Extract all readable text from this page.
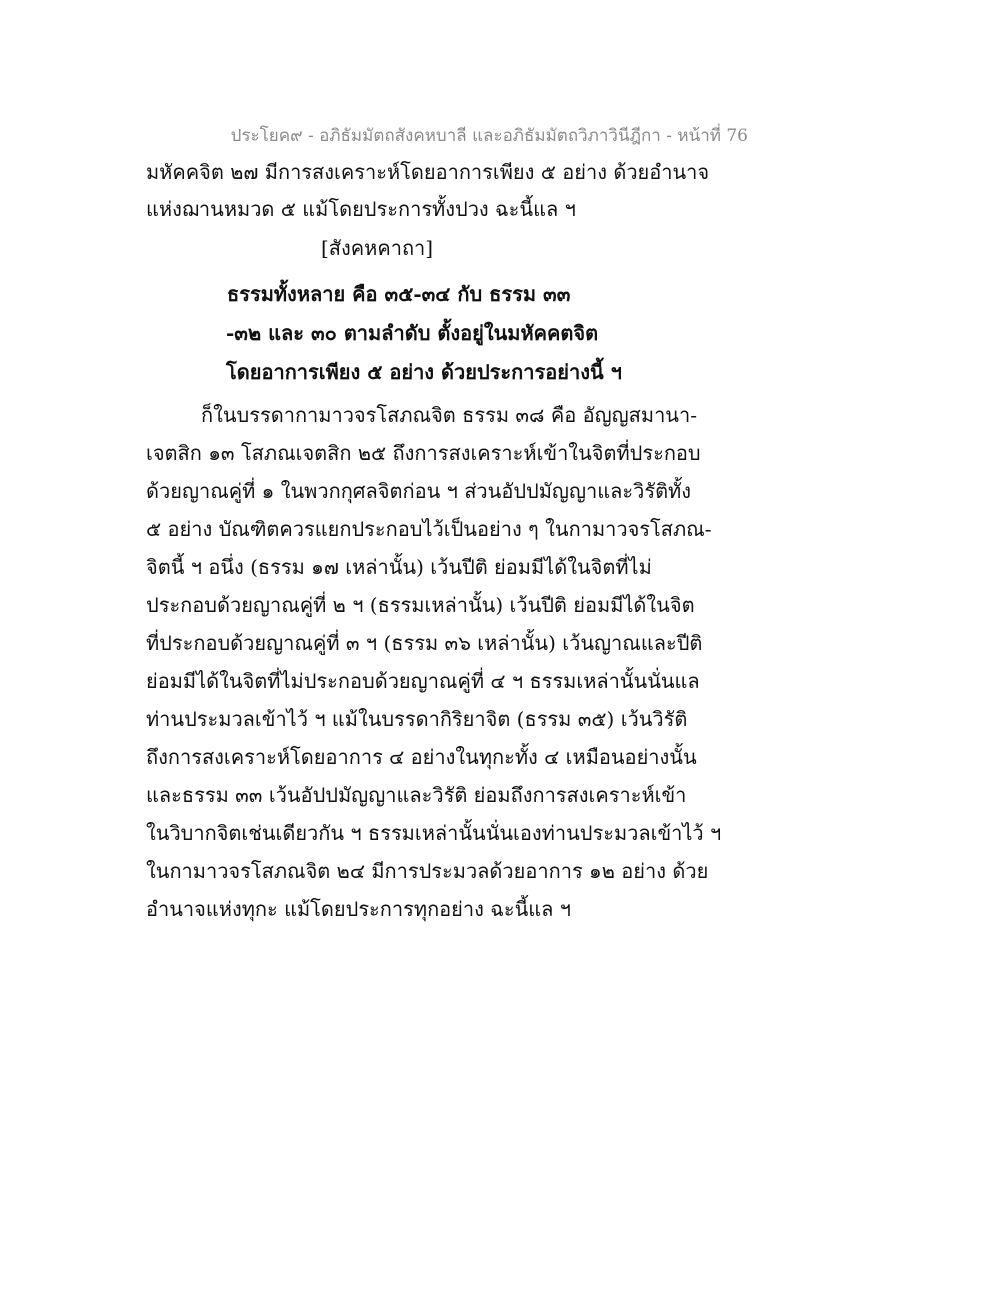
ประโยค๙ - อภิธัมมัตถสังคหบาลี และอภิธัมมัตถวิภาวินีฎีกา - หน้าที่ 76
มหัคคจิต ๒๗ มีการสงเคราะห์โดยอาการเพียง ๕ อย่าง ด้วยอำนาจ
แห่งฌานหมวด ๕ แม้โดยประการทั้งปวง ฉะนี้แล ฯ
[สังคหคาถา]
ธรรมทั้งหลาย คือ ๓๕-๓๔ กับ ธรรม ๓๓
-๓๒ และ ๓๐ ตามลำดับ ตั้งอยู่ในมหัคคตจิต
โดยอาการเพียง ๕ อย่าง ด้วยประการอย่างนี้ ฯ
ก็ในบรรดากามาวจรโสภณจิต ธรรม ๓๘ คือ อัญญสมานา-
เจตสิก ๑๓ โสภณเจตสิก ๒๕ ถึงการสงเคราะห์เข้าในจิตที่ประกอบ
ด้วยญาณคู่ที่ ๑ ในพวกกุศลจิตก่อน ฯ ส่วนอัปปมัญญาและวิรัติทั้ง
๕ อย่าง บัณฑิตควรแยกประกอบไว้เป็นอย่าง ๆ ในกามาวจรโสภณ-
จิตนี้ ฯ อนึ่ง (ธรรม ๑๗ เหล่านั้น) เว้นปีติ ย่อมมีได้ในจิตที่ไม่
ประกอบด้วยญาณคู่ที่ ๒ ฯ (ธรรมเหล่านั้น) เว้นปีติ ย่อมมีได้ในจิต
ที่ประกอบด้วยญาณคู่ที่ ๓ ฯ (ธรรม ๓๖ เหล่านั้น) เว้นญาณและปีติ
ย่อมมีได้ในจิตที่ไม่ประกอบด้วยญาณคู่ที่ ๔ ฯ ธรรมเหล่านั้นนั่นแล
ท่านประมวลเข้าไว้ ฯ แม้ในบรรดากิริยาจิต (ธรรม ๓๕) เว้นวิรัติ
ถึงการสงเคราะห์โดยอาการ ๔ อย่างในทุกะทั้ง ๔ เหมือนอย่างนั้น
และธรรม ๓๓ เว้นอัปปมัญญาและวิรัติ ย่อมถึงการสงเคราะห์เข้า
ในวิบากจิตเช่นเดียวกัน ฯ ธรรมเหล่านั้นนั่นเองท่านประมวลเข้าไว้ ฯ
ในกามาวจรโสภณจิต ๒๔ มีการประมวลด้วยอาการ ๑๒ อย่าง ด้วย
อำนาจแห่งทุกะ แม้โดยประการทุกอย่าง ฉะนี้แล ฯ
